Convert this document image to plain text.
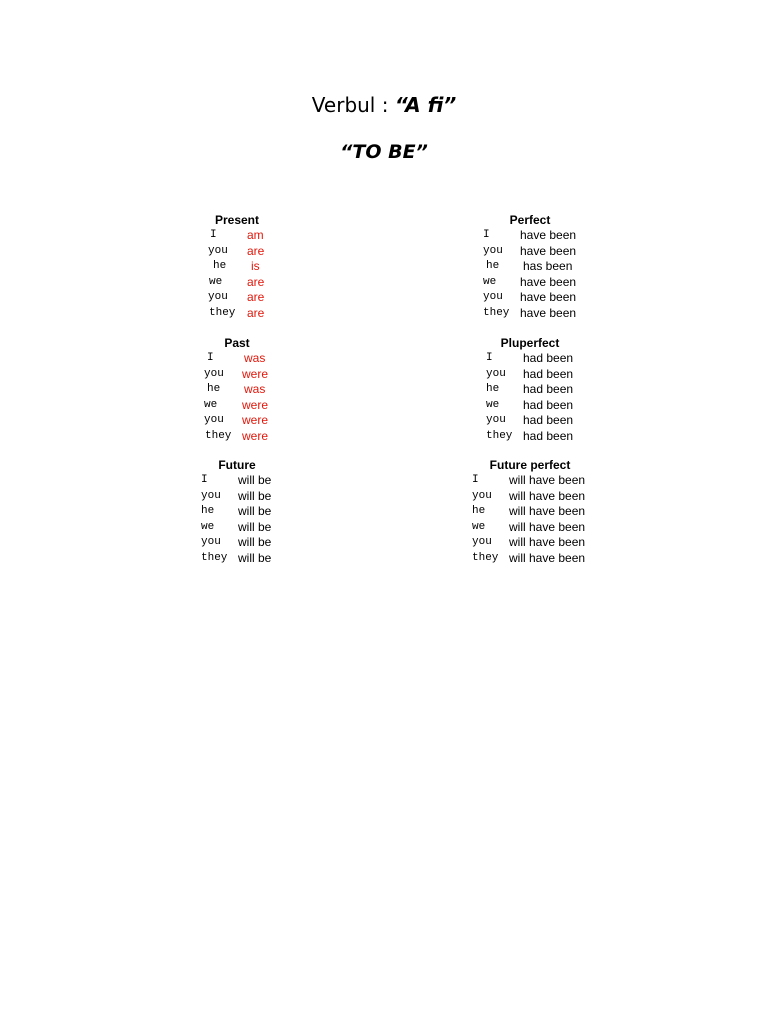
Verbul : “A fi”
“TO BE”
Present
I	am
you are
he is
we are
you are
they are
Perfect
I	have been
you have been
he has been
we have been
you have been
they have been
Past
I	was
you were
he was
we were
you were
they were
Pluperfect
I	had been
you had been
he had been
we had been
you had been
they had been
Future
I	will be
you will be
he will be
we will be
you will be
they will be
Future perfect
I	will have been
you will have been
he will have been
we will have been
you will have been
they will have been
